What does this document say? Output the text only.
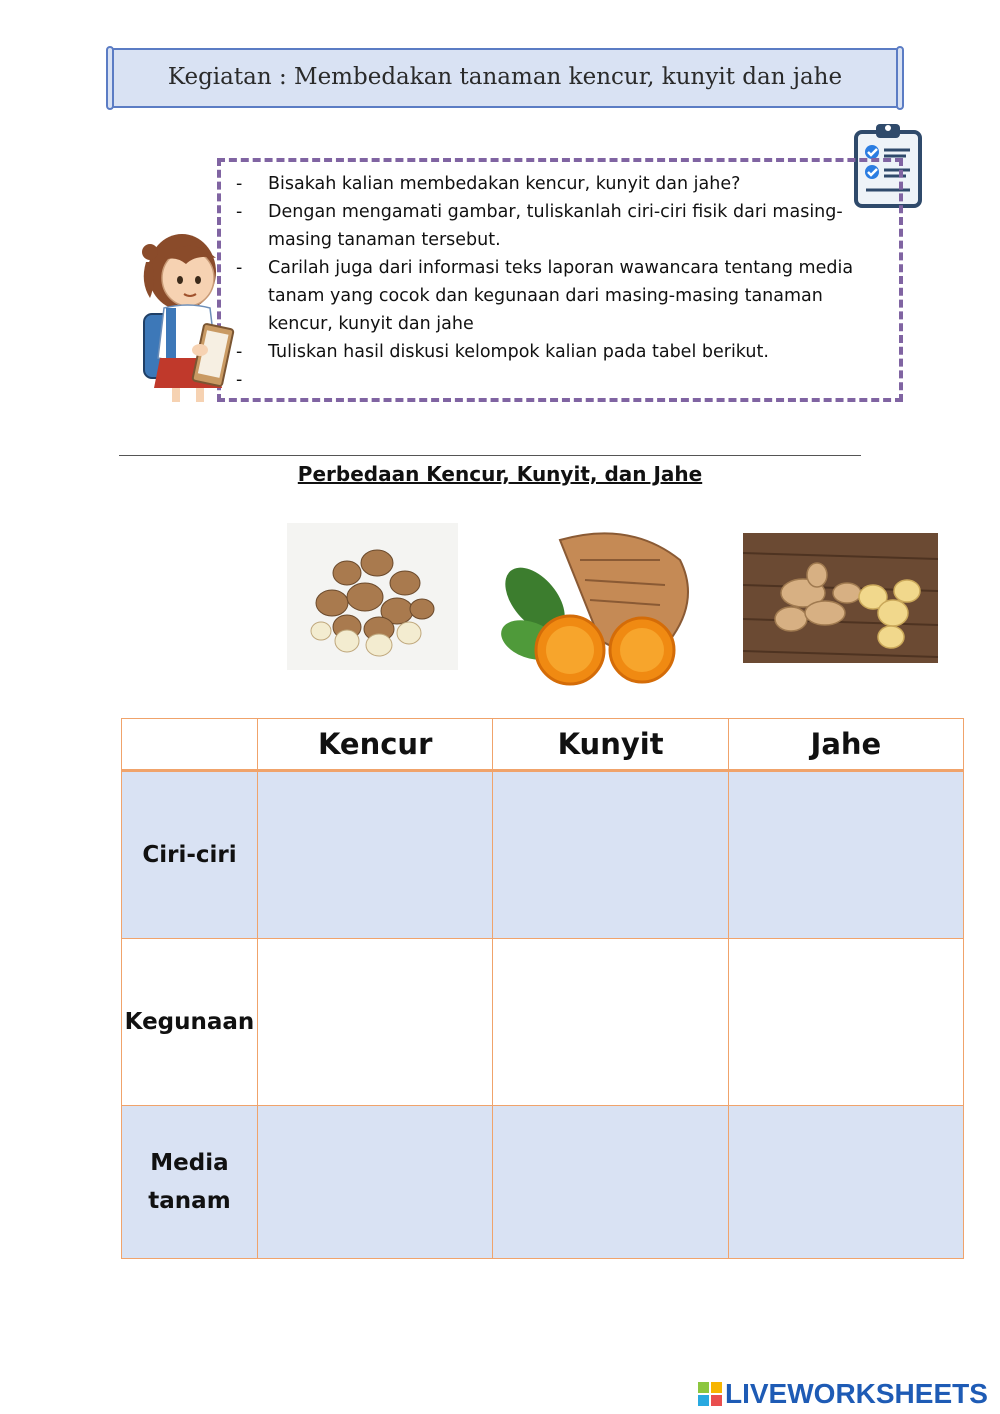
Kegiatan : Membedakan tanaman kencur, kunyit dan jahe
- Bisakah kalian membedakan kencur, kunyit dan jahe?
- Dengan mengamati gambar, tuliskanlah ciri-ciri fisik dari masing-masing tanaman tersebut.
- Carilah juga dari informasi teks laporan wawancara tentang media tanam yang cocok dan kegunaan dari masing-masing tanaman kencur, kunyit dan jahe
- Tuliskan hasil diskusi kelompok kalian pada tabel berikut.
-
Perbedaan Kencur, Kunyit, dan Jahe
	Kencur	Kunyit	Jahe
Ciri-ciri			
Kegunaan			
Media tanam			
LIVEWORKSHEETS
